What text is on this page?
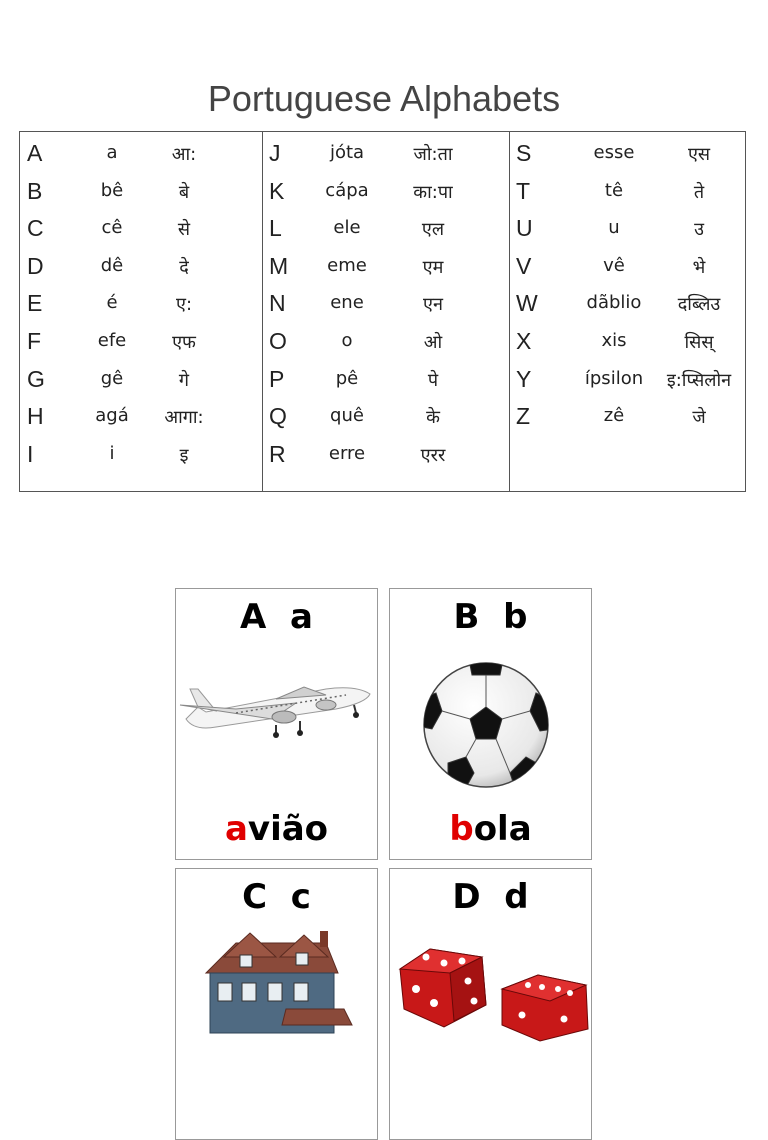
Portuguese Alphabets
A	a	आ:
B	bê	बे
C	cê	से
D	dê	दे
E	é	ए:
F	efe	एफ
G	gê	गे
H	agá आगा:
I	i	इ
J	jóta	जो:ता
K cápa का:पा
L	ele	एल
M eme	एम
N ene	एन
O	o	ओ
P	pê	पे
Q quê	के
R erre	एरर
S	esse	एस
T	tê	ते
U	u	उ
V	vê	भे
W	dãblio दब्लिउ
X	xis	सिस्
Y	ípsilon इ:प्सिलोन
Z	zê	जे
A  a
avião
B  b
bola
C  c	D  d
